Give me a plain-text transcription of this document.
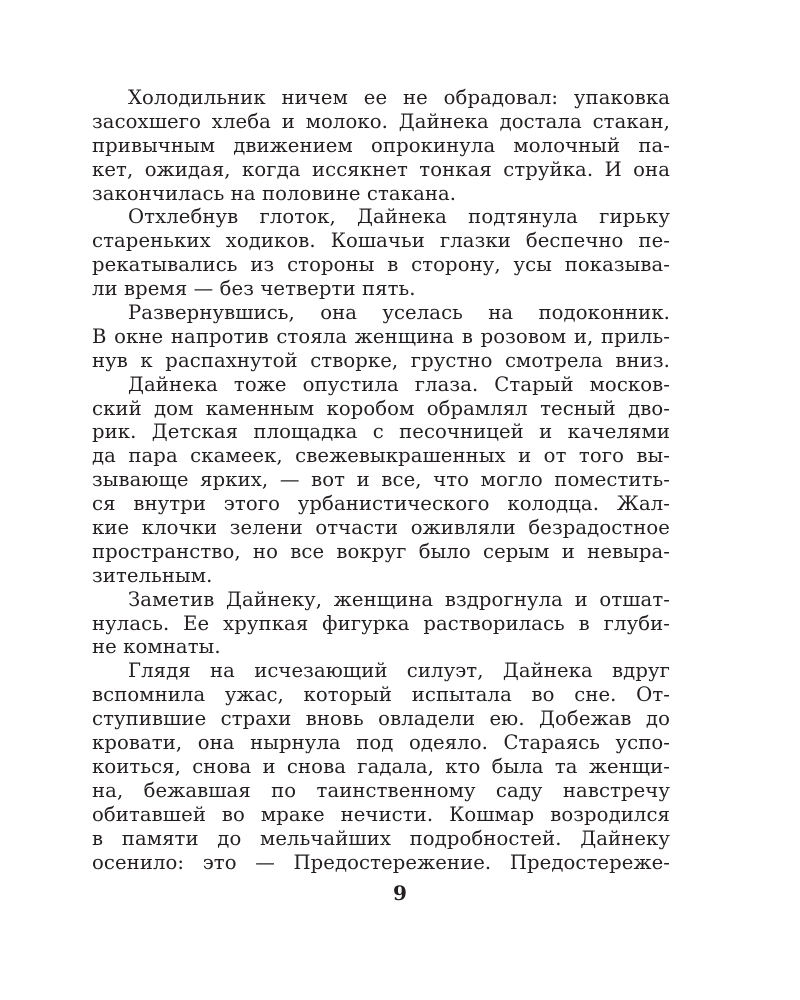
Холодильник ничем ее не обрадовал: упаковка
засохшего хлеба и молоко. Дайнека достала стакан,
привычным движением опрокинула молочный па-
кет, ожидая, когда иссякнет тонкая струйка. И она
закончилась на половине стакана.
Отхлебнув глоток, Дайнека подтянула гирьку
стареньких ходиков. Кошачьи глазки беспечно пе-
рекатывались из стороны в сторону, усы показыва-
ли время — без четверти пять.
Развернувшись, она уселась на подоконник.
В окне напротив стояла женщина в розовом и, приль-
нув к распахнутой створке, грустно смотрела вниз.
Дайнека тоже опустила глаза. Старый москов-
ский дом каменным коробом обрамлял тесный дво-
рик. Детская площадка с песочницей и качелями
да пара скамеек, свежевыкрашенных и от того вы-
зывающе ярких, — вот и все, что могло поместить-
ся внутри этого урбанистического колодца. Жал-
кие клочки зелени отчасти оживляли безрадостное
пространство, но все вокруг было серым и невыра-
зительным.
Заметив Дайнеку, женщина вздрогнула и отшат-
нулась. Ее хрупкая фигурка растворилась в глуби-
не комнаты.
Глядя на исчезающий силуэт, Дайнека вдруг
вспомнила ужас, который испытала во сне. От-
ступившие страхи вновь овладели ею. Добежав до
кровати, она нырнула под одеяло. Стараясь успо-
коиться, снова и снова гадала, кто была та женщи-
на, бежавшая по таинственному саду навстречу
обитавшей во мраке нечисти. Кошмар возродился
в памяти до мельчайших подробностей. Дайнеку
осенило: это — Предостережение. Предостереже-
9
